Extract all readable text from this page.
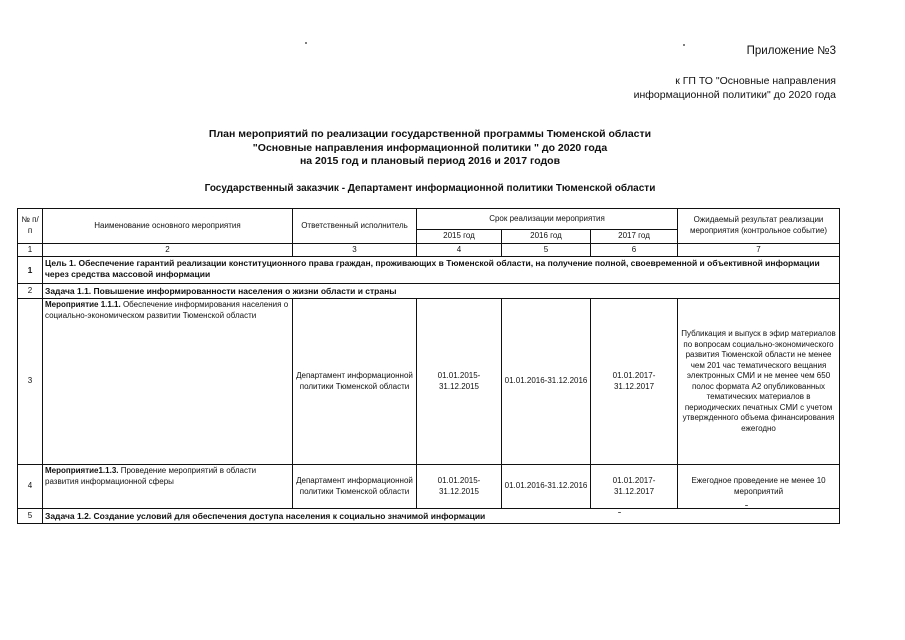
Приложение №3
к ГП ТО "Основные направления
информационной политики" до 2020 года
План мероприятий по реализации государственной программы Тюменской области
"Основные направления информационной политики " до 2020 года
на 2015 год и плановый период 2016 и 2017 годов
Государственный заказчик - Департамент информационной политики Тюменской области
№ п/п	Наименование основного мероприятия	Ответственный исполнитель	Срок реализации мероприятия			Ожидаемый результат реализации мероприятия (контрольное событие)
			2015 год	2016 год	2017 год	
1	2	3	4	5	6	7
1	Цель 1. Обеспечение гарантий реализации конституционного права граждан, проживающих в Тюменской области, на получение полной, своевременной и объективной информации через средства массовой информации					
2	Задача 1.1. Повышение информированности населения о жизни области и страны					
3	Мероприятие 1.1.1. Обеспечение информирования населения о социально-экономическом развитии Тюменской области	Департамент информационной политики Тюменской области	01.01.2015-31.12.2015	01.01.2016-31.12.2016	01.01.2017-31.12.2017	Публикация и выпуск в эфир материалов по вопросам социально-экономического развития Тюменской области не менее чем 201 час тематического вещания электронных СМИ и не менее чем 650 полос формата А2 опубликованных тематических материалов в периодических печатных СМИ с учетом утвержденного объема финансирования ежегодно
4	Мероприятие1.1.3. Проведение мероприятий в области развития информационной сферы	Департамент информационной политики Тюменской области	01.01.2015-31.12.2015	01.01.2016-31.12.2016	01.01.2017-31.12.2017	Ежегодное проведение не менее 10 мероприятий
5	Задача 1.2. Создание условий для обеспечения доступа населения к социально значимой информации					
